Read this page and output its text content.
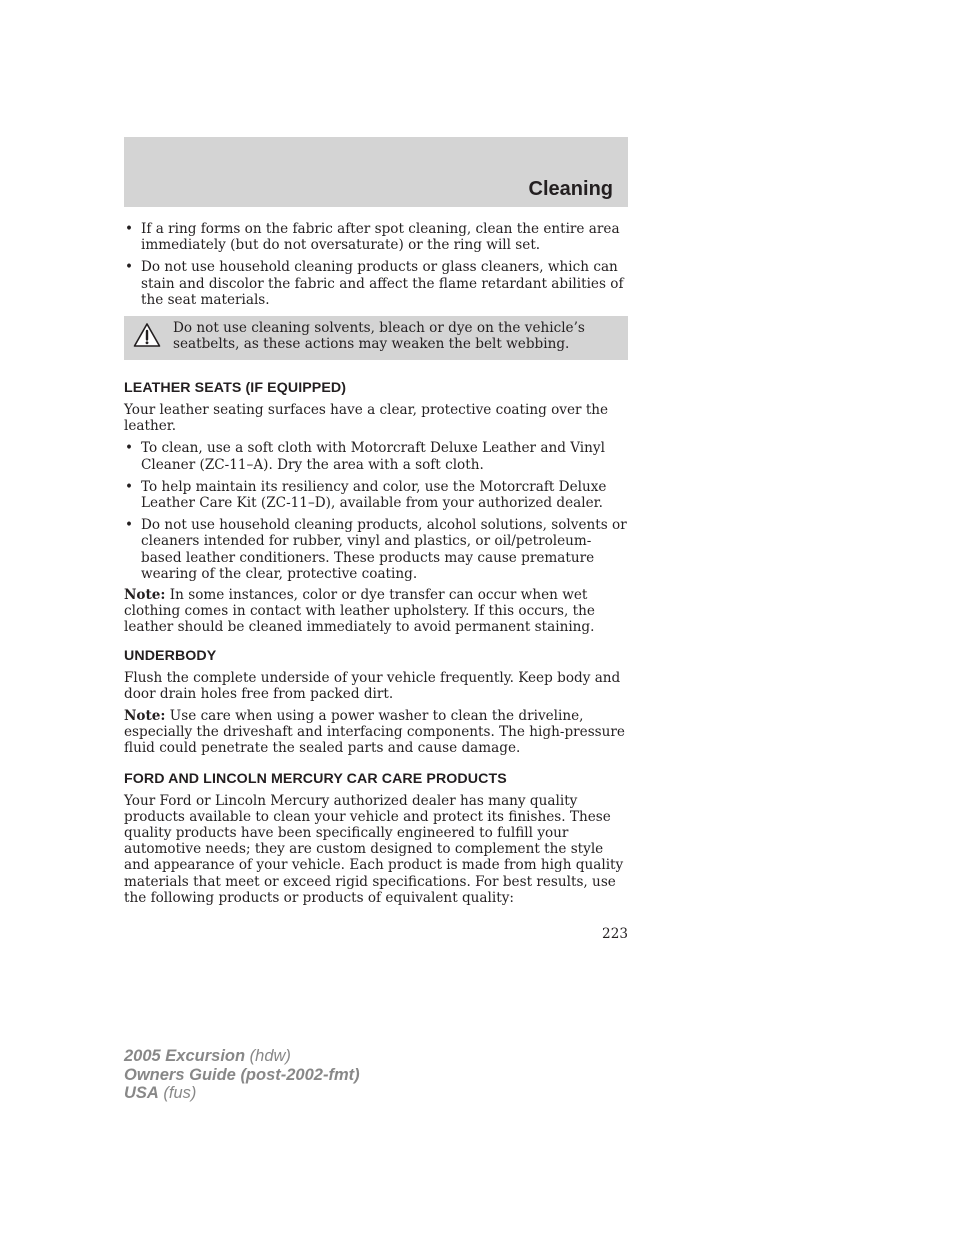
Cleaning
• If a ring forms on the fabric after spot cleaning, clean the entire area immediately (but do not oversaturate) or the ring will set.
• Do not use household cleaning products or glass cleaners, which can stain and discolor the fabric and affect the flame retardant abilities of the seat materials.
Do not use cleaning solvents, bleach or dye on the vehicle’s seatbelts, as these actions may weaken the belt webbing.
LEATHER SEATS (IF EQUIPPED)

Your leather seating surfaces have a clear, protective coating over the leather.

• To clean, use a soft cloth with Motorcraft Deluxe Leather and Vinyl Cleaner (ZC-11–A). Dry the area with a soft cloth.
• To help maintain its resiliency and color, use the Motorcraft Deluxe Leather Care Kit (ZC-11–D), available from your authorized dealer.
• Do not use household cleaning products, alcohol solutions, solvents or cleaners intended for rubber, vinyl and plastics, or oil/petroleum-based leather conditioners. These products may cause premature wearing of the clear, protective coating.

Note: In some instances, color or dye transfer can occur when wet clothing comes in contact with leather upholstery. If this occurs, the leather should be cleaned immediately to avoid permanent staining.

UNDERBODY

Flush the complete underside of your vehicle frequently. Keep body and door drain holes free from packed dirt.

Note: Use care when using a power washer to clean the driveline, especially the driveshaft and interfacing components. The high-pressure fluid could penetrate the sealed parts and cause damage.

FORD AND LINCOLN MERCURY CAR CARE PRODUCTS

Your Ford or Lincoln Mercury authorized dealer has many quality products available to clean your vehicle and protect its finishes. These quality products have been specifically engineered to fulfill your automotive needs; they are custom designed to complement the style and appearance of your vehicle. Each product is made from high quality materials that meet or exceed rigid specifications. For best results, use the following products or products of equivalent quality:

223
2005 Excursion (hdw)
Owners Guide (post-2002-fmt)
USA (fus)
